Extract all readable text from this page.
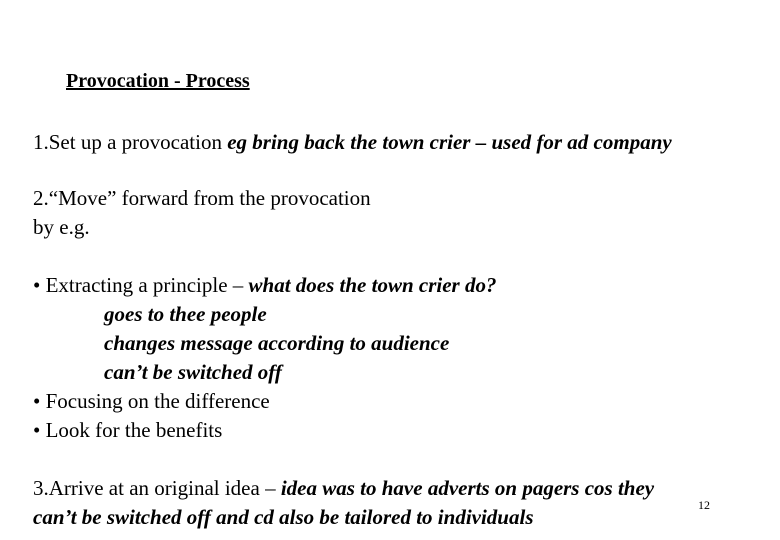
Provocation - Process
1.Set up a provocation eg bring back the town crier – used for ad company
2.“Move” forward from the provocation
by e.g.
• Extracting a principle – what does the town crier do?
goes to thee people
changes message according to audience
can’t be switched off
• Focusing on the difference
• Look for the benefits
3.Arrive at an original idea – idea was to have adverts on pagers cos they
can’t be switched off and cd also be tailored to individuals	12
